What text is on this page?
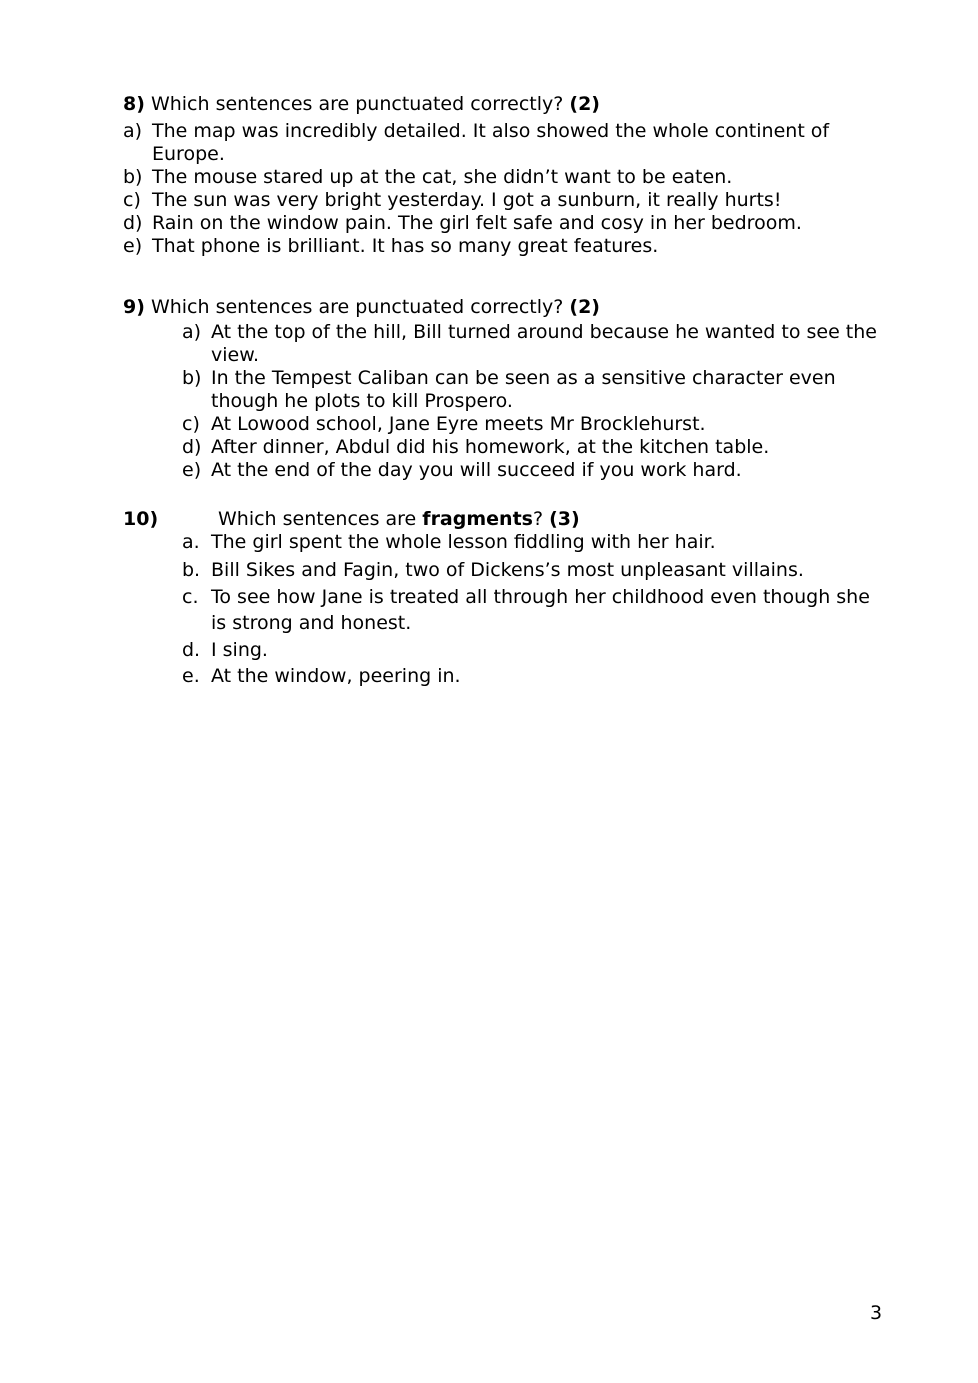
8) Which sentences are punctuated correctly? (2)
a) The map was incredibly detailed. It also showed the whole continent of Europe.
b) The mouse stared up at the cat, she didn’t want to be eaten.
c) The sun was very bright yesterday. I got a sunburn, it really hurts!
d) Rain on the window pain. The girl felt safe and cosy in her bedroom.
e) That phone is brilliant. It has so many great features.
9) Which sentences are punctuated correctly? (2)
a) At the top of the hill, Bill turned around because he wanted to see the view.
b) In the Tempest Caliban can be seen as a sensitive character even though he plots to kill Prospero.
c) At Lowood school, Jane Eyre meets Mr Brocklehurst.
d) After dinner, Abdul did his homework, at the kitchen table.
e) At the end of the day you will succeed if you work hard.
10)	Which sentences are fragments? (3)
a. The girl spent the whole lesson fiddling with her hair.
b. Bill Sikes and Fagin, two of Dickens’s most unpleasant villains.
c. To see how Jane is treated all through her childhood even though she is strong and honest.
d. I sing.
e. At the window, peering in.
3
